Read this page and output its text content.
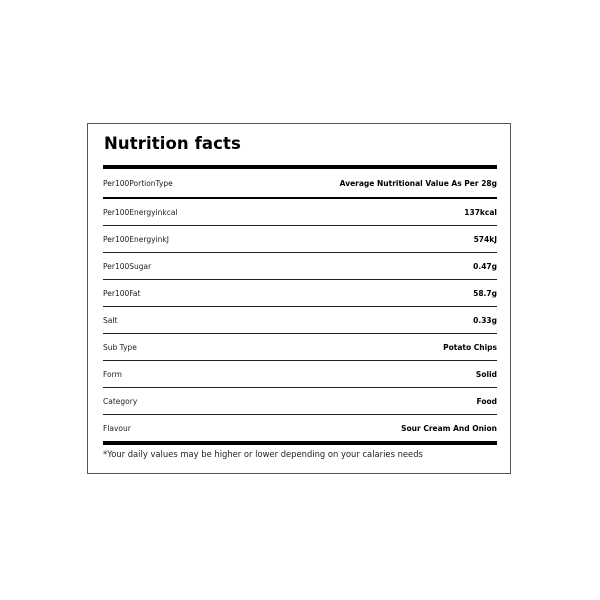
Nutrition facts
Per100PortionType	Average Nutritional Value As Per 28g
Per100Energyinkcal	137kcal
Per100EnergyinkJ	574kJ
Per100Sugar	0.47g
Per100Fat	58.7g
Salt	0.33g
Sub Type	Potato Chips
Form	Solid
Category	Food
Flavour	Sour Cream And Onion
*Your daily values may be higher or lower depending on your calaries needs
